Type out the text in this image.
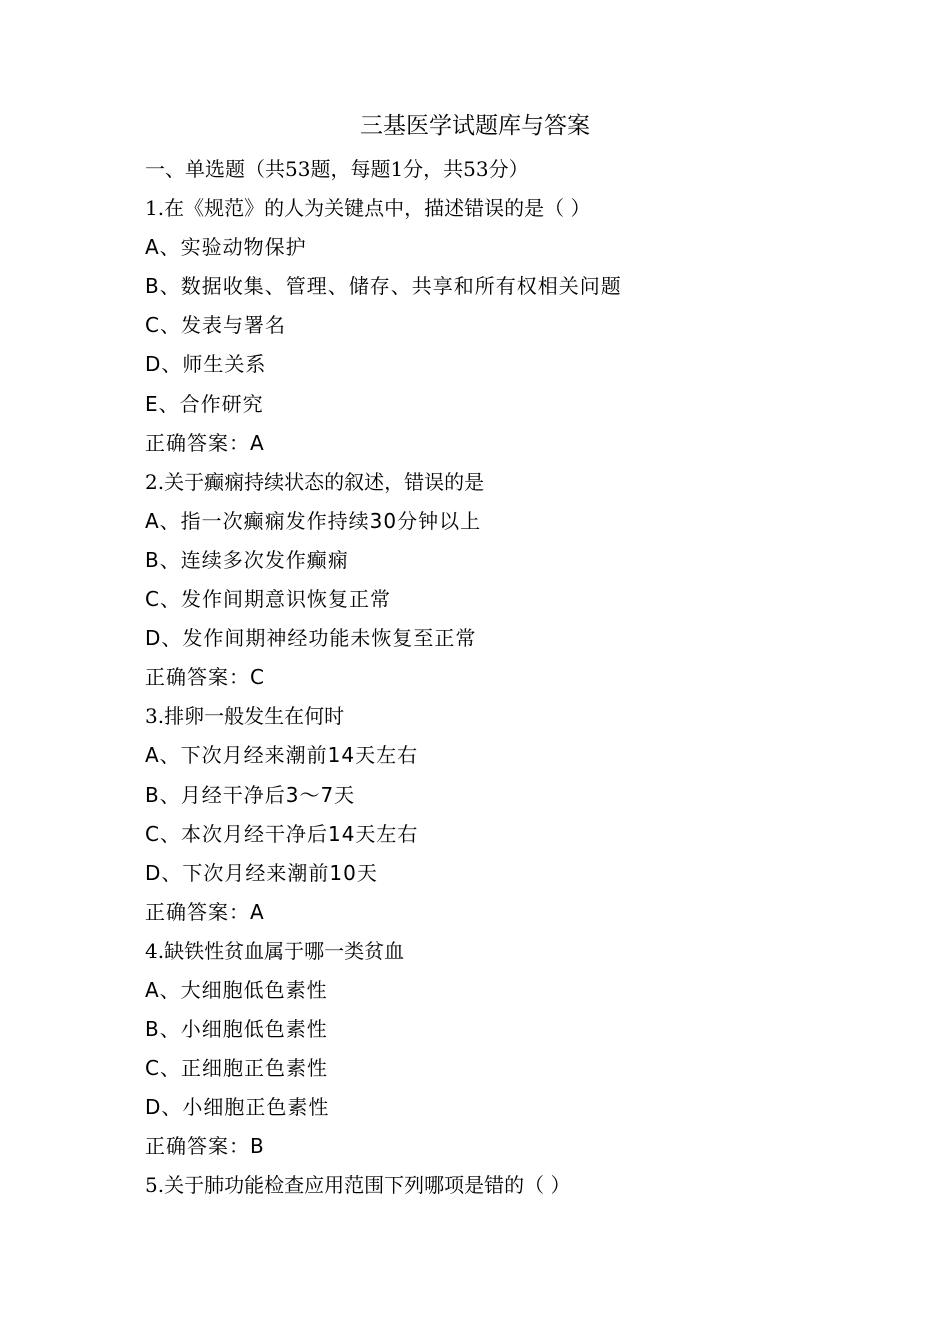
三基医学试题库与答案
一、单选题（共53题，每题1分，共53分）
1.在《规范》的人为关键点中，描述错误的是（ ）
A、实验动物保护
B、数据收集、管理、储存、共享和所有权相关问题
C、发表与署名
D、师生关系
E、合作研究
正确答案：A
2.关于癫痫持续状态的叙述，错误的是
A、指一次癫痫发作持续30分钟以上
B、连续多次发作癫痫
C、发作间期意识恢复正常
D、发作间期神经功能未恢复至正常
正确答案：C
3.排卵一般发生在何时
A、下次月经来潮前14天左右
B、月经干净后3～7天
C、本次月经干净后14天左右
D、下次月经来潮前10天
正确答案：A
4.缺铁性贫血属于哪一类贫血
A、大细胞低色素性
B、小细胞低色素性
C、正细胞正色素性
D、小细胞正色素性
正确答案：B
5.关于肺功能检查应用范围下列哪项是错的（ ）
